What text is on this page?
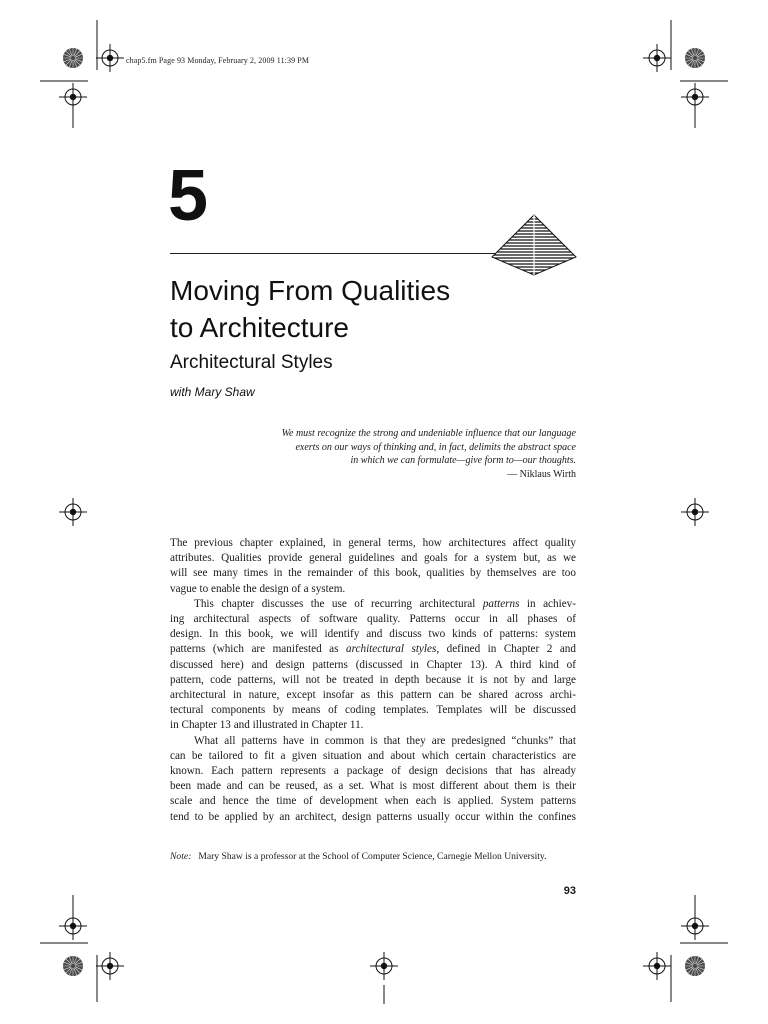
chap5.fm Page 93 Monday, February 2, 2009 11:39 PM
5
Moving From Qualities
to Architecture
Architectural Styles
with Mary Shaw
We must recognize the strong and undeniable influence that our language
exerts on our ways of thinking and, in fact, delimits the abstract space
in which we can formulate—give form to—our thoughts.
— Niklaus Wirth

The previous chapter explained, in general terms, how architectures affect quality
attributes. Qualities provide general guidelines and goals for a system but, as we
will see many times in the remainder of this book, qualities by themselves are too
vague to enable the design of a system.

This chapter discusses the use of recurring architectural patterns in achiev-
ing architectural aspects of software quality. Patterns occur in all phases of
design. In this book, we will identify and discuss two kinds of patterns: system
patterns (which are manifested as architectural styles, defined in Chapter 2 and
discussed here) and design patterns (discussed in Chapter 13). A third kind of
pattern, code patterns, will not be treated in depth because it is not by and large
architectural in nature, except insofar as this pattern can be shared across archi-
tectural components by means of coding templates. Templates will be discussed
in Chapter 13 and illustrated in Chapter 11.

What all patterns have in common is that they are predesigned “chunks” that
can be tailored to fit a given situation and about which certain characteristics are
known. Each pattern represents a package of design decisions that has already
been made and can be reused, as a set. What is most different about them is their
scale and hence the time of development when each is applied. System patterns
tend to be applied by an architect, design patterns usually occur within the confines

Note: Mary Shaw is a professor at the School of Computer Science, Carnegie Mellon University.
93
